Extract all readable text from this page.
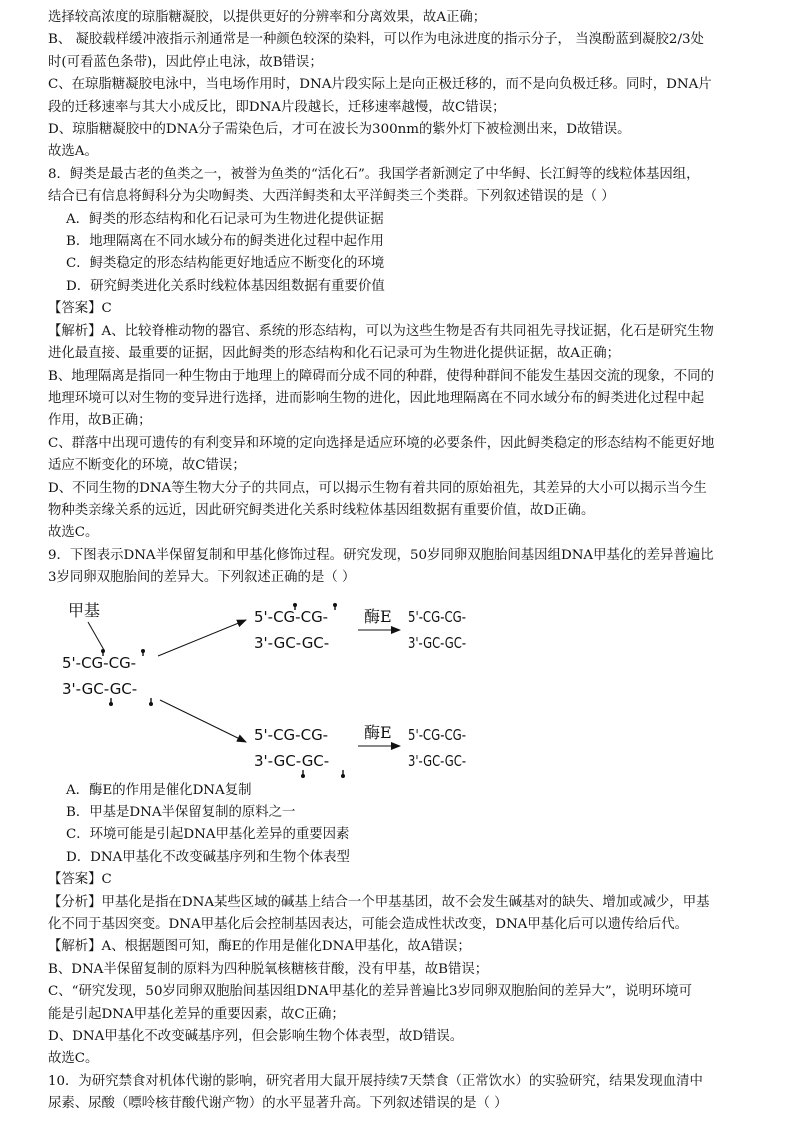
选择较高浓度的琼脂糖凝胶，以提供更好的分辨率和分离效果，故A正确；
B、 凝胶载样缓冲液指示剂通常是一种颜色较深的染料，可以作为电泳进度的指示分子， 当溴酚蓝到凝胶2/3处
时(可看蓝色条带)，因此停止电泳，故B错误；
C、在琼脂糖凝胶电泳中，当电场作用时，DNA片段实际上是向正极迁移的，而不是向负极迁移。同时，DNA片
段的迁移速率与其大小成反比，即DNA片段越长，迁移速率越慢，故C错误；
D、琼脂糖凝胶中的DNA分子需染色后，才可在波长为300nm的紫外灯下被检测出来，D故错误。
故选A。
8．鲟类是最古老的鱼类之一，被誉为鱼类的“活化石”。我国学者新测定了中华鲟、长江鲟等的线粒体基因组，
结合已有信息将鲟科分为尖吻鲟类、大西洋鲟类和太平洋鲟类三个类群。下列叙述错误的是（ ）
A．鲟类的形态结构和化石记录可为生物进化提供证据
B．地理隔离在不同水域分布的鲟类进化过程中起作用
C．鲟类稳定的形态结构能更好地适应不断变化的环境
D．研究鲟类进化关系时线粒体基因组数据有重要价值
【答案】C
【解析】A、比较脊椎动物的器官、系统的形态结构，可以为这些生物是否有共同祖先寻找证据，化石是研究生物
进化最直接、最重要的证据，因此鲟类的形态结构和化石记录可为生物进化提供证据，故A正确；
B、地理隔离是指同一种生物由于地理上的障碍而分成不同的种群，使得种群间不能发生基因交流的现象，不同的
地理环境可以对生物的变异进行选择，进而影响生物的进化，因此地理隔离在不同水域分布的鲟类进化过程中起
作用，故B正确；
C、群落中出现可遗传的有利变异和环境的定向选择是适应环境的必要条件，因此鲟类稳定的形态结构不能更好地
适应不断变化的环境，故C错误；
D、不同生物的DNA等生物大分子的共同点，可以揭示生物有着共同的原始祖先，其差异的大小可以揭示当今生
物种类亲缘关系的远近，因此研究鲟类进化关系时线粒体基因组数据有重要价值，故D正确。
故选C。
9．下图表示DNA半保留复制和甲基化修饰过程。研究发现，50岁同卵双胞胎间基因组DNA甲基化的差异普遍比
3岁同卵双胞胎间的差异大。下列叙述正确的是（ ）
甲基
5'-CG-CG-
3'-GC-GC-
5'-CG-CG-
3'-GC-GC-
酶E 5'-CG-CG-
3'-GC-GC-
5'-CG-CG-
3'-GC-GC-
酶E 5'-CG-CG-
3'-GC-GC-
A．酶E的作用是催化DNA复制
B．甲基是DNA半保留复制的原料之一
C．环境可能是引起DNA甲基化差异的重要因素
D．DNA甲基化不改变碱基序列和生物个体表型
【答案】C
【分析】甲基化是指在DNA某些区域的碱基上结合一个甲基基团，故不会发生碱基对的缺失、增加或减少，甲基
化不同于基因突变。DNA甲基化后会控制基因表达，可能会造成性状改变，DNA甲基化后可以遗传给后代。
【解析】A、根据题图可知，酶E的作用是催化DNA甲基化，故A错误；
B、DNA半保留复制的原料为四种脱氧核糖核苷酸，没有甲基，故B错误；
C、“研究发现，50岁同卵双胞胎间基因组DNA甲基化的差异普遍比3岁同卵双胞胎间的差异大”，说明环境可
能是引起DNA甲基化差异的重要因素，故C正确；
D、DNA甲基化不改变碱基序列，但会影响生物个体表型，故D错误。
故选C。
10．为研究禁食对机体代谢的影响，研究者用大鼠开展持续7天禁食（正常饮水）的实验研究，结果发现血清中
尿素、尿酸（嘌呤核苷酸代谢产物）的水平显著升高。下列叙述错误的是（ ）
